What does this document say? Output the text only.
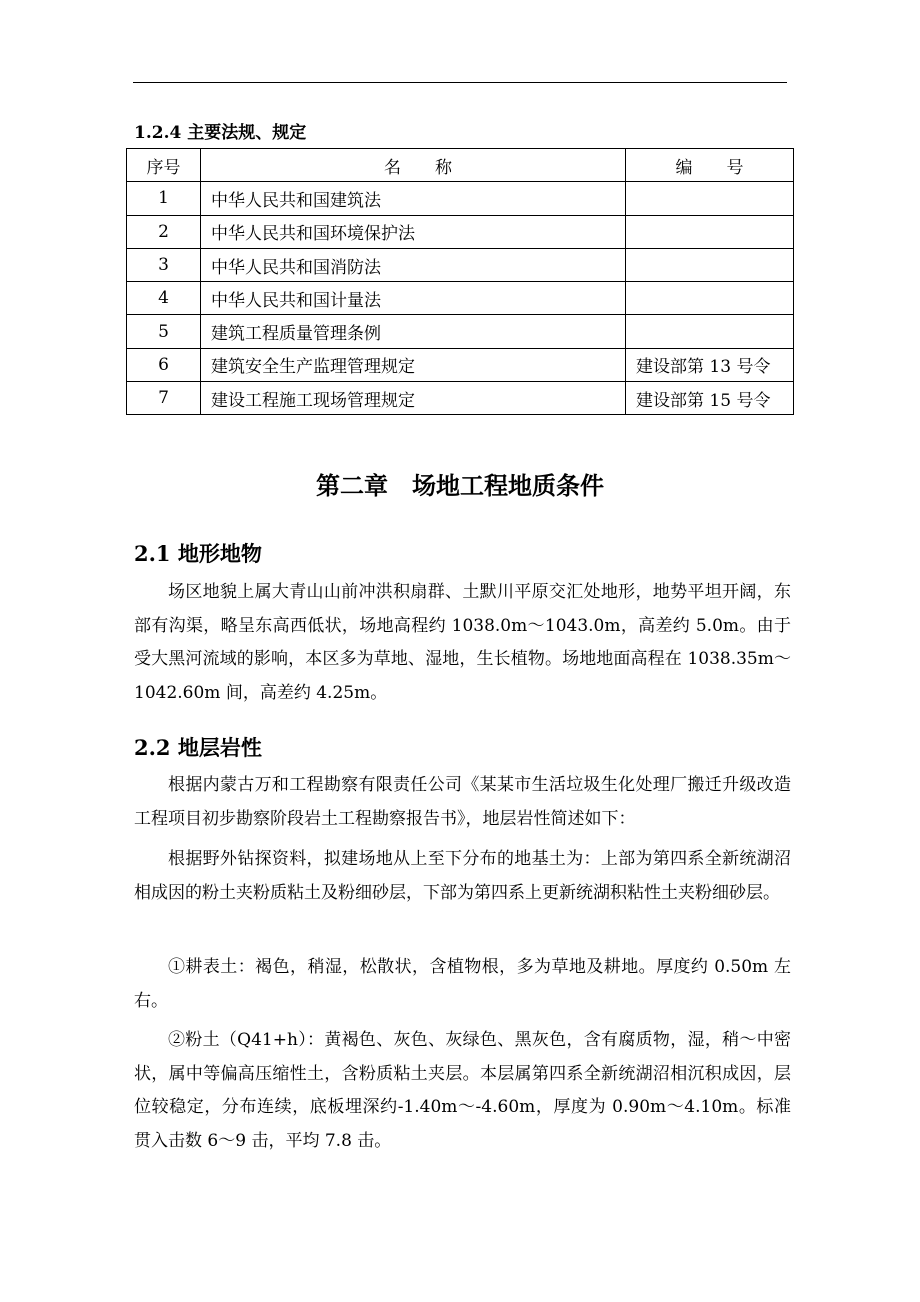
1.2.4 主要法规、规定
序号	名　　称	编　　号
1	中华人民共和国建筑法	
2	中华人民共和国环境保护法	
3	中华人民共和国消防法	
4	中华人民共和国计量法	
5	建筑工程质量管理条例	
6	建筑安全生产监理管理规定	建设部第 13 号令
7	建设工程施工现场管理规定	建设部第 15 号令
第二章　场地工程地质条件
2.1 地形地物
场区地貌上属大青山山前冲洪积扇群、土默川平原交汇处地形，地势平坦开阔，东部有沟渠，略呈东高西低状，场地高程约 1038.0m～1043.0m，高差约 5.0m。由于受大黑河流域的影响，本区多为草地、湿地，生长植物。场地地面高程在 1038.35m～1042.60m 间，高差约 4.25m。
2.2 地层岩性
根据内蒙古万和工程勘察有限责任公司《某某市生活垃圾生化处理厂搬迁升级改造工程项目初步勘察阶段岩土工程勘察报告书》，地层岩性简述如下：
根据野外钻探资料，拟建场地从上至下分布的地基土为：上部为第四系全新统湖沼相成因的粉土夹粉质粘土及粉细砂层，下部为第四系上更新统湖积粘性土夹粉细砂层。
①耕表土：褐色，稍湿，松散状，含植物根，多为草地及耕地。厚度约 0.50m 左右。
②粉土（Q41+h）：黄褐色、灰色、灰绿色、黑灰色，含有腐质物，湿，稍～中密状，属中等偏高压缩性土，含粉质粘土夹层。本层属第四系全新统湖沼相沉积成因，层位较稳定，分布连续，底板埋深约-1.40m～-4.60m，厚度为 0.90m～4.10m。标准贯入击数 6～9 击，平均 7.8 击。
